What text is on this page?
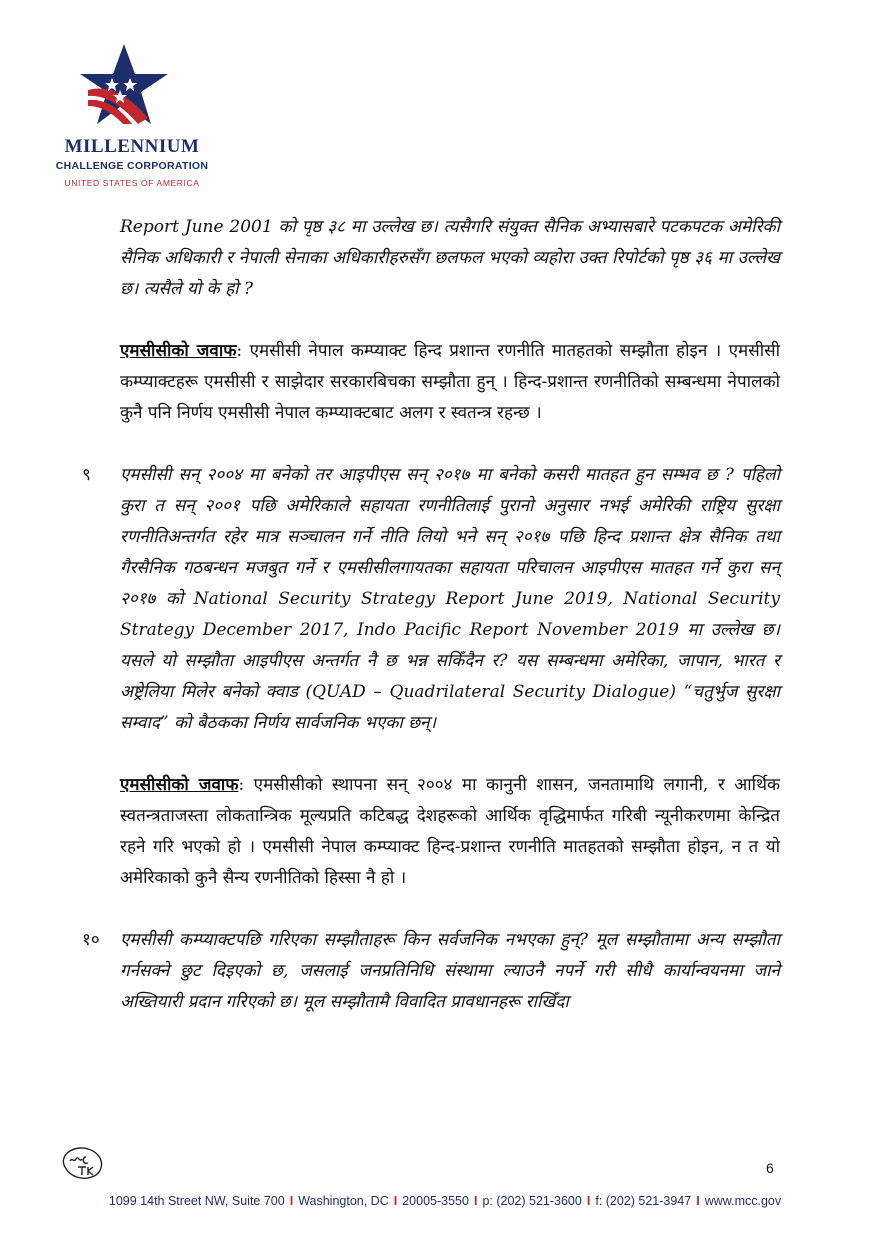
MILLENNIUM
CHALLENGE CORPORATION
UNITED STATES OF AMERICA

Report June 2001 को पृष्ठ ३८ मा उल्लेख छ। त्यसैगरि संयुक्त सैनिक अभ्यासबारे पटकपटक अमेरिकी सैनिक अधिकारी र नेपाली सेनाका अधिकारीहरुसँग छलफल भएको व्यहोरा उक्त रिपोर्टको पृष्ठ ३६ मा उल्लेख छ। त्यसैले यो के हो ?

एमसीसीको जवाफ: एमसीसी नेपाल कम्प्याक्ट हिन्द प्रशान्त रणनीति मातहतको सम्झौता होइन । एमसीसी कम्प्याक्टहरू एमसीसी र साझेदार सरकारबिचका सम्झौता हुन् । हिन्द-प्रशान्त रणनीतिको सम्बन्धमा नेपालको कुनै पनि निर्णय एमसीसी नेपाल कम्प्याक्टबाट अलग र स्वतन्त्र रहन्छ ।

९ एमसीसी सन् २००४ मा बनेको तर आइपीएस सन् २०१७ मा बनेको कसरी मातहत हुन सम्भव छ ? पहिलो कुरा त सन् २००१ पछि अमेरिकाले सहायता रणनीतिलाई पुरानो अनुसार नभई अमेरिकी राष्ट्रिय सुरक्षा रणनीतिअन्तर्गत रहेर मात्र सञ्चालन गर्ने नीति लियो भने सन् २०१७ पछि हिन्द प्रशान्त क्षेत्र सैनिक तथा गैरसैनिक गठबन्धन मजबुत गर्ने र एमसीसीलगायतका सहायता परिचालन आइपीएस मातहत गर्ने कुरा सन् २०१७ को National Security Strategy Report June 2019, National Security Strategy December 2017, Indo Pacific Report November 2019 मा उल्लेख छ। यसले यो सम्झौता आइपीएस अन्तर्गत नै छ भन्न सकिँदैन र? यस सम्बन्धमा अमेरिका, जापान, भारत र अष्ट्रेलिया मिलेर बनेको क्वाड (QUAD – Quadrilateral Security Dialogue) “चतुर्भुज सुरक्षा सम्वाद” को बैठकका निर्णय सार्वजनिक भएका छन्।

एमसीसीको जवाफ: एमसीसीको स्थापना सन् २००४ मा कानुनी शासन, जनतामाथि लगानी, र आर्थिक स्वतन्त्रताजस्ता लोकतान्त्रिक मूल्यप्रति कटिबद्ध देशहरूको आर्थिक वृद्धिमार्फत गरिबी न्यूनीकरणमा केन्द्रित रहने गरि भएको हो । एमसीसी नेपाल कम्प्याक्ट हिन्द-प्रशान्त रणनीति मातहतको सम्झौता होइन, न त यो अमेरिकाको कुनै सैन्य रणनीतिको हिस्सा नै हो ।

१० एमसीसी कम्प्याक्टपछि गरिएका सम्झौताहरू किन सर्वजनिक नभएका हुन्? मूल सम्झौतामा अन्य सम्झौता गर्नसक्ने छुट दिइएको छ, जसलाई जनप्रतिनिधि संस्थामा ल्याउनै नपर्ने गरी सीधै कार्यान्वयनमा जाने अख्तियारी प्रदान गरिएको छ। मूल सम्झौतामै विवादित प्रावधानहरू राखिँदा

6
1099 14th Street NW, Suite 700 I Washington, DC I 20005-3550 I p: (202) 521-3600 I f: (202) 521-3947 I www.mcc.gov
